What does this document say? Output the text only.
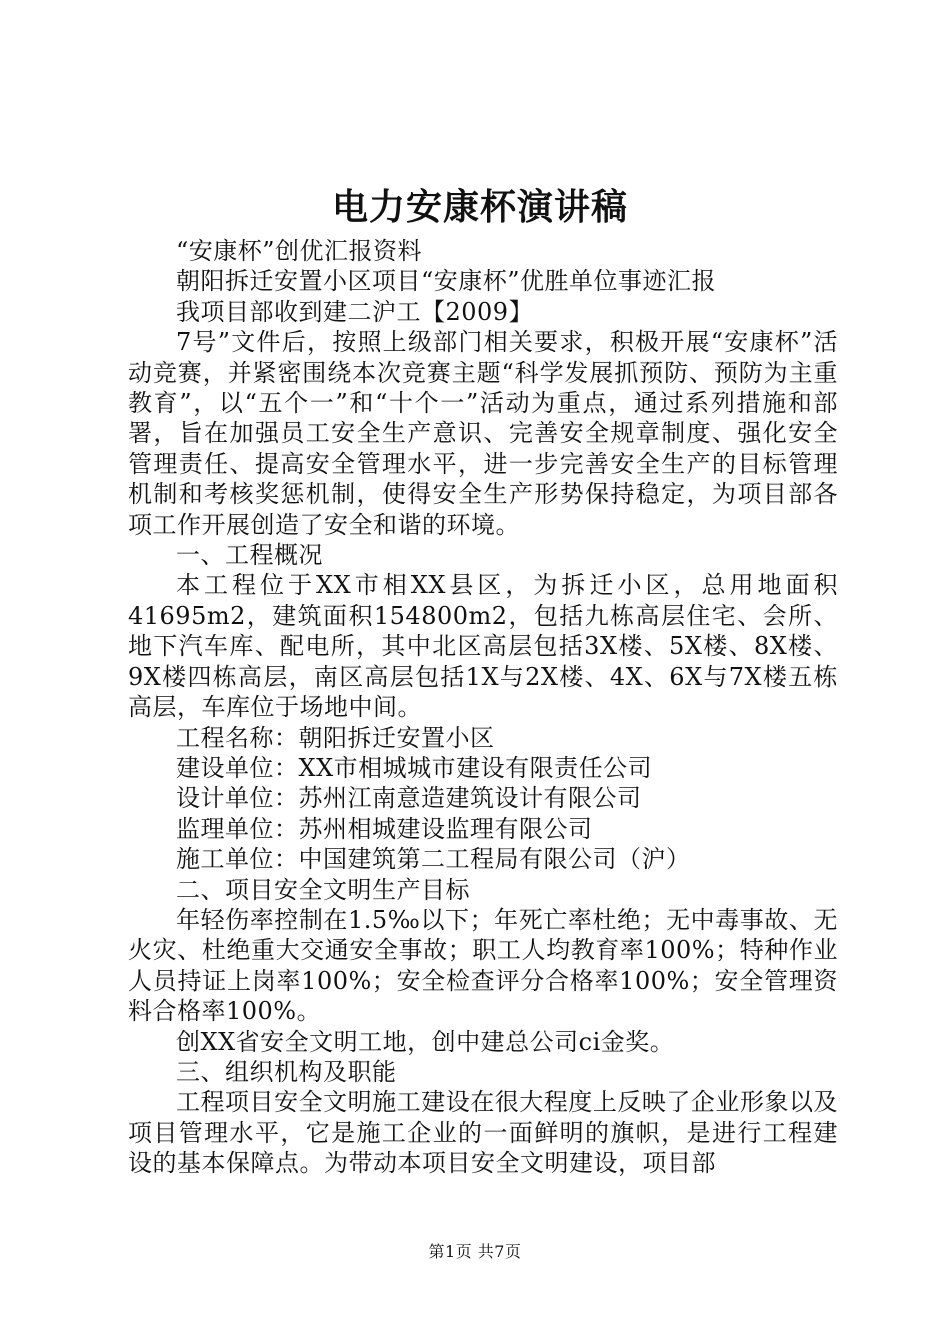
电力安康杯演讲稿

“安康杯”创优汇报资料

朝阳拆迁安置小区项目“安康杯”优胜单位事迹汇报

我项目部收到建二沪工【2009】

7号”文件后，按照上级部门相关要求，积极开展“安康杯”活动竞赛，并紧密围绕本次竞赛主题“科学发展抓预防、预防为主重教育”，以“五个一”和“十个一”活动为重点，通过系列措施和部署，旨在加强员工安全生产意识、完善安全规章制度、强化安全管理责任、提高安全管理水平，进一步完善安全生产的目标管理机制和考核奖惩机制，使得安全生产形势保持稳定，为项目部各项工作开展创造了安全和谐的环境。

一、工程概况

本工程位于XX市相XX县区，为拆迁小区，总用地面积41695m2，建筑面积154800m2，包括九栋高层住宅、会所、地下汽车库、配电所，其中北区高层包括3X楼、5X楼、8X楼、9X楼四栋高层，南区高层包括1X与2X楼、4X、6X与7X楼五栋高层，车库位于场地中间。

工程名称：朝阳拆迁安置小区

建设单位：XX市相城城市建设有限责任公司

设计单位：苏州江南意造建筑设计有限公司

监理单位：苏州相城建设监理有限公司

施工单位：中国建筑第二工程局有限公司（沪）

二、项目安全文明生产目标

年轻伤率控制在1.5‰以下；年死亡率杜绝；无中毒事故、无火灾、杜绝重大交通安全事故；职工人均教育率100%；特种作业人员持证上岗率100%；安全检查评分合格率100%；安全管理资料合格率100%。

创XX省安全文明工地，创中建总公司ci金奖。

三、组织机构及职能

工程项目安全文明施工建设在很大程度上反映了企业形象以及项目管理水平，它是施工企业的一面鲜明的旗帜，是进行工程建设的基本保障点。为带动本项目安全文明建设，项目部

第1页 共7页
